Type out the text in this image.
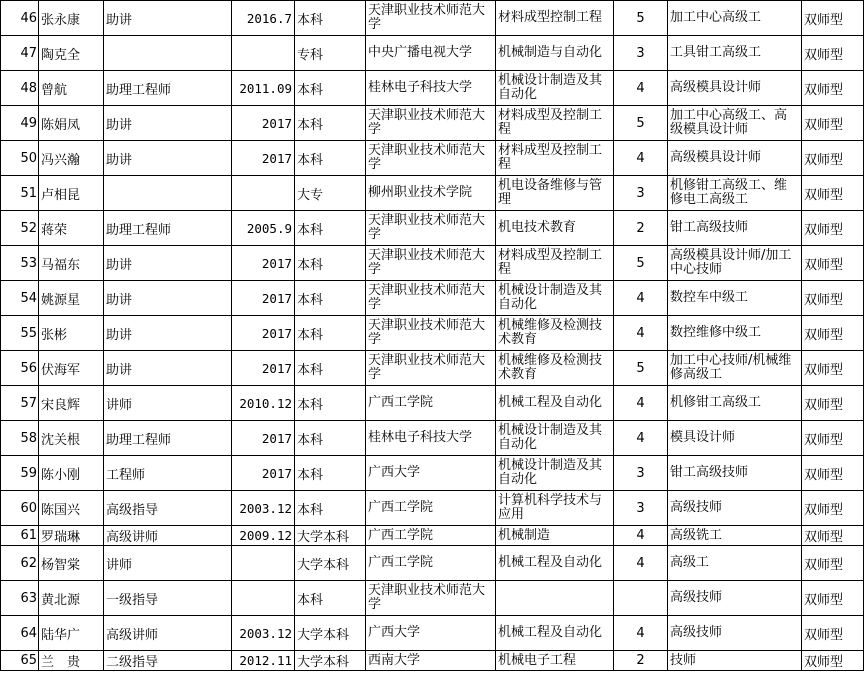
46	张永康	助讲	2016.7	本科	天津职业技术师范大学	材料成型控制工程	5	加工中心高级工	双师型
47	陶克全			专科	中央广播电视大学	机械制造与自动化	3	工具钳工高级工	双师型
48	曾航	助理工程师	2011.09	本科	桂林电子科技大学	机械设计制造及其自动化	4	高级模具设计师	双师型
49	陈娟凤	助讲	2017	本科	天津职业技术师范大学	材料成型及控制工程	5	加工中心高级工、高级模具设计师	双师型
50	冯兴瀚	助讲	2017	本科	天津职业技术师范大学	材料成型及控制工程	4	高级模具设计师	双师型
51	卢相昆			大专	柳州职业技术学院	机电设备维修与管理	3	机修钳工高级工、维修电工高级工	双师型
52	蒋荣	助理工程师	2005.9	本科	天津职业技术师范大学	机电技术教育	2	钳工高级技师	双师型
53	马福东	助讲	2017	本科	天津职业技术师范大学	材料成型及控制工程	5	高级模具设计师/加工中心技师	双师型
54	姚源星	助讲	2017	本科	天津职业技术师范大学	机械设计制造及其自动化	4	数控车中级工	双师型
55	张彬	助讲	2017	本科	天津职业技术师范大学	机械维修及检测技术教育	4	数控维修中级工	双师型
56	伏海军	助讲	2017	本科	天津职业技术师范大学	机械维修及检测技术教育	5	加工中心技师/机械维修高级工	双师型
57	宋良辉	讲师	2010.12	本科	广西工学院	机械工程及自动化	4	机修钳工高级工	双师型
58	沈关根	助理工程师	2017	本科	桂林电子科技大学	机械设计制造及其自动化	4	模具设计师	双师型
59	陈小刚	工程师	2017	本科	广西大学	机械设计制造及其自动化	3	钳工高级技师	双师型
60	陈国兴	高级指导	2003.12	本科	广西工学院	计算机科学技术与应用	3	高级技师	双师型
61	罗瑞琳	高级讲师	2009.12	大学本科	广西工学院	机械制造	4	高级铣工	双师型
62	杨智棠	讲师		大学本科	广西工学院	机械工程及自动化	4	高级工	双师型
63	黄北源	一级指导		本科	天津职业技术师范大学			高级技师	双师型
64	陆华广	高级讲师	2003.12	大学本科	广西大学	机械工程及自动化	4	高级技师	双师型
65	兰　贵	二级指导	2012.11	大学本科	西南大学	机械电子工程	2	技师	双师型
